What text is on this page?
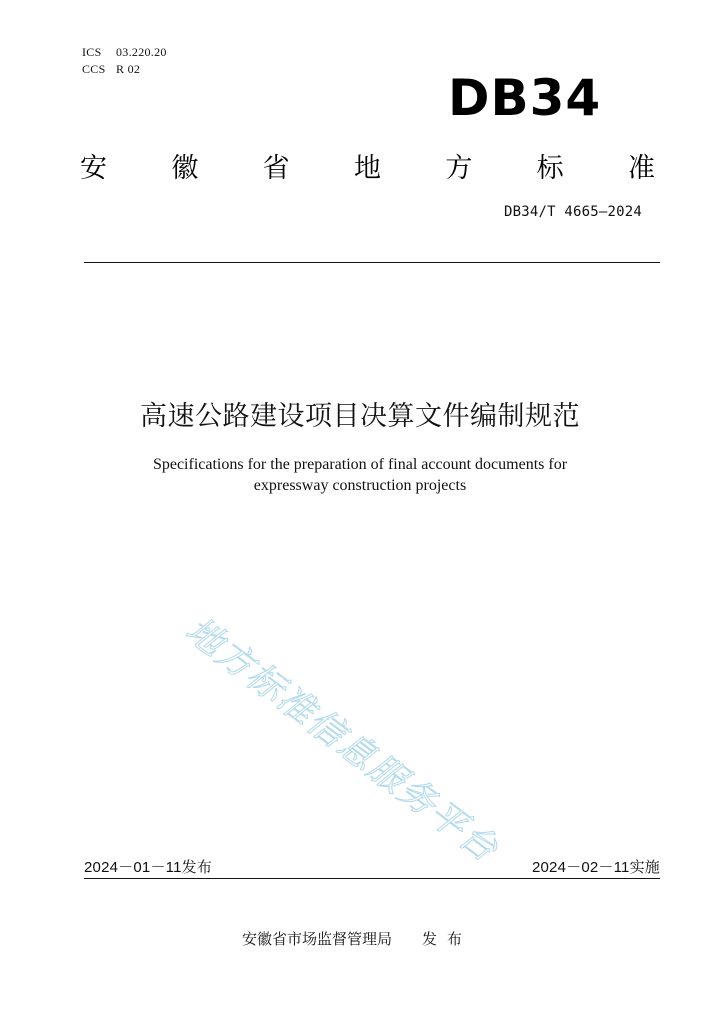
ICS 03.220.20
CCS R 02	DB34
安 徽 省 地 方 标 准
DB34/T 4665—2024
高速公路建设项目决算文件编制规范
Specifications for the preparation of final account documents for
expressway construction projects
地方标准信息服务平台
2024－01－11发布	2024－02－11实施
安徽省市场监督管理局 发布
